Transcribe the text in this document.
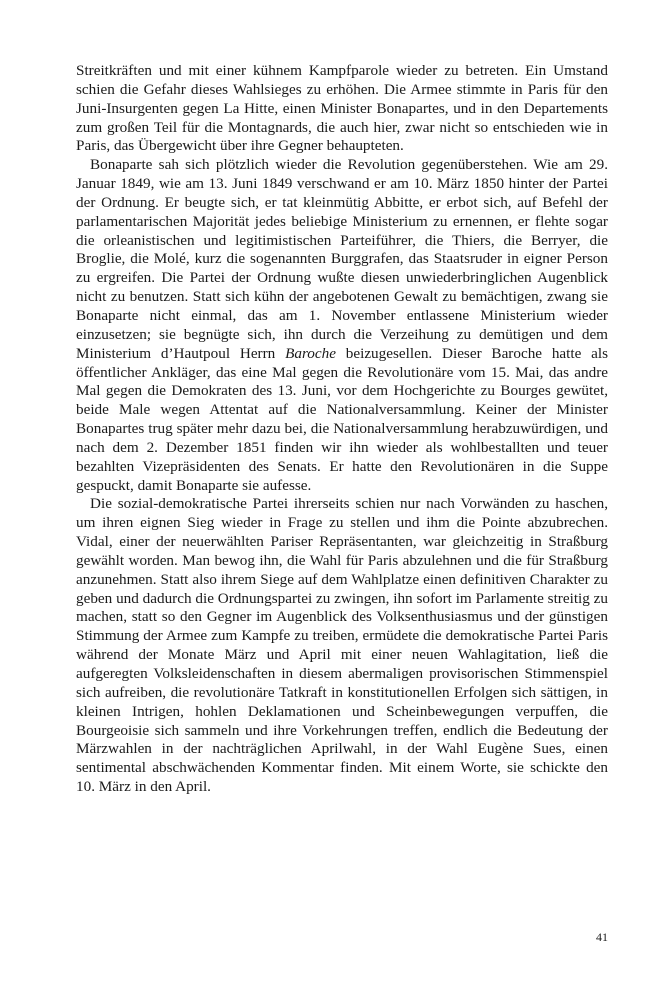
Streitkräften und mit einer kühnem Kampfparole wieder zu betreten. Ein Umstand schien die Gefahr dieses Wahlsieges zu erhöhen. Die Armee stimmte in Paris für den Juni-Insurgenten gegen La Hitte, einen Minister Bonapartes, und in den Departements zum großen Teil für die Montagnards, die auch hier, zwar nicht so entschieden wie in Paris, das Übergewicht über ihre Gegner behaupteten.

Bonaparte sah sich plötzlich wieder die Revolution gegenüberstehen. Wie am 29. Januar 1849, wie am 13. Juni 1849 verschwand er am 10. März 1850 hinter der Partei der Ordnung. Er beugte sich, er tat kleinmütig Abbitte, er erbot sich, auf Befehl der parlamentarischen Majorität jedes beliebige Ministerium zu ernennen, er flehte sogar die orleanistischen und legitimistischen Parteiführer, die Thiers, die Berryer, die Broglie, die Molé, kurz die sogenannten Burggrafen, das Staatsruder in eigner Person zu ergreifen. Die Partei der Ordnung wußte diesen unwiederbringlichen Augenblick nicht zu benutzen. Statt sich kühn der angebotenen Gewalt zu bemächtigen, zwang sie Bonaparte nicht einmal, das am 1. November entlassene Ministerium wieder einzusetzen; sie begnügte sich, ihn durch die Verzeihung zu demütigen und dem Ministerium d’Hautpoul Herrn Baroche beizugesellen. Dieser Baroche hatte als öffentlicher Ankläger, das eine Mal gegen die Revolutionäre vom 15. Mai, das andre Mal gegen die Demokraten des 13. Juni, vor dem Hochgerichte zu Bourges gewütet, beide Male wegen Attentat auf die Nationalversammlung. Keiner der Minister Bonapartes trug später mehr dazu bei, die Nationalversammlung herabzuwürdigen, und nach dem 2. Dezember 1851 finden wir ihn wieder als wohlbestallten und teuer bezahlten Vizepräsidenten des Senats. Er hatte den Revolutionären in die Suppe gespuckt, damit Bonaparte sie aufesse.

Die sozial-demokratische Partei ihrerseits schien nur nach Vorwänden zu haschen, um ihren eignen Sieg wieder in Frage zu stellen und ihm die Pointe abzubrechen. Vidal, einer der neuerwählten Pariser Repräsentanten, war gleichzeitig in Straßburg gewählt worden. Man bewog ihn, die Wahl für Paris abzulehnen und die für Straßburg anzunehmen. Statt also ihrem Siege auf dem Wahlplatze einen definitiven Charakter zu geben und dadurch die Ordnungspartei zu zwingen, ihn sofort im Parlamente streitig zu machen, statt so den Gegner im Augenblick des Volksenthusiasmus und der günstigen Stimmung der Armee zum Kampfe zu treiben, ermüdete die demokratische Partei Paris während der Monate März und April mit einer neuen Wahlagitation, ließ die aufgeregten Volksleidenschaften in diesem abermaligen provisorischen Stimmenspiel sich aufreiben, die revolutionäre Tatkraft in konstitutionellen Erfolgen sich sättigen, in kleinen Intrigen, hohlen Deklamationen und Scheinbewegungen verpuffen, die Bourgeoisie sich sammeln und ihre Vorkehrungen treffen, endlich die Bedeutung der Märzwahlen in der nachträglichen Aprilwahl, in der Wahl Eugène Sues, einen sentimental abschwächenden Kommentar finden. Mit einem Worte, sie schickte den 10. März in den April.

41
